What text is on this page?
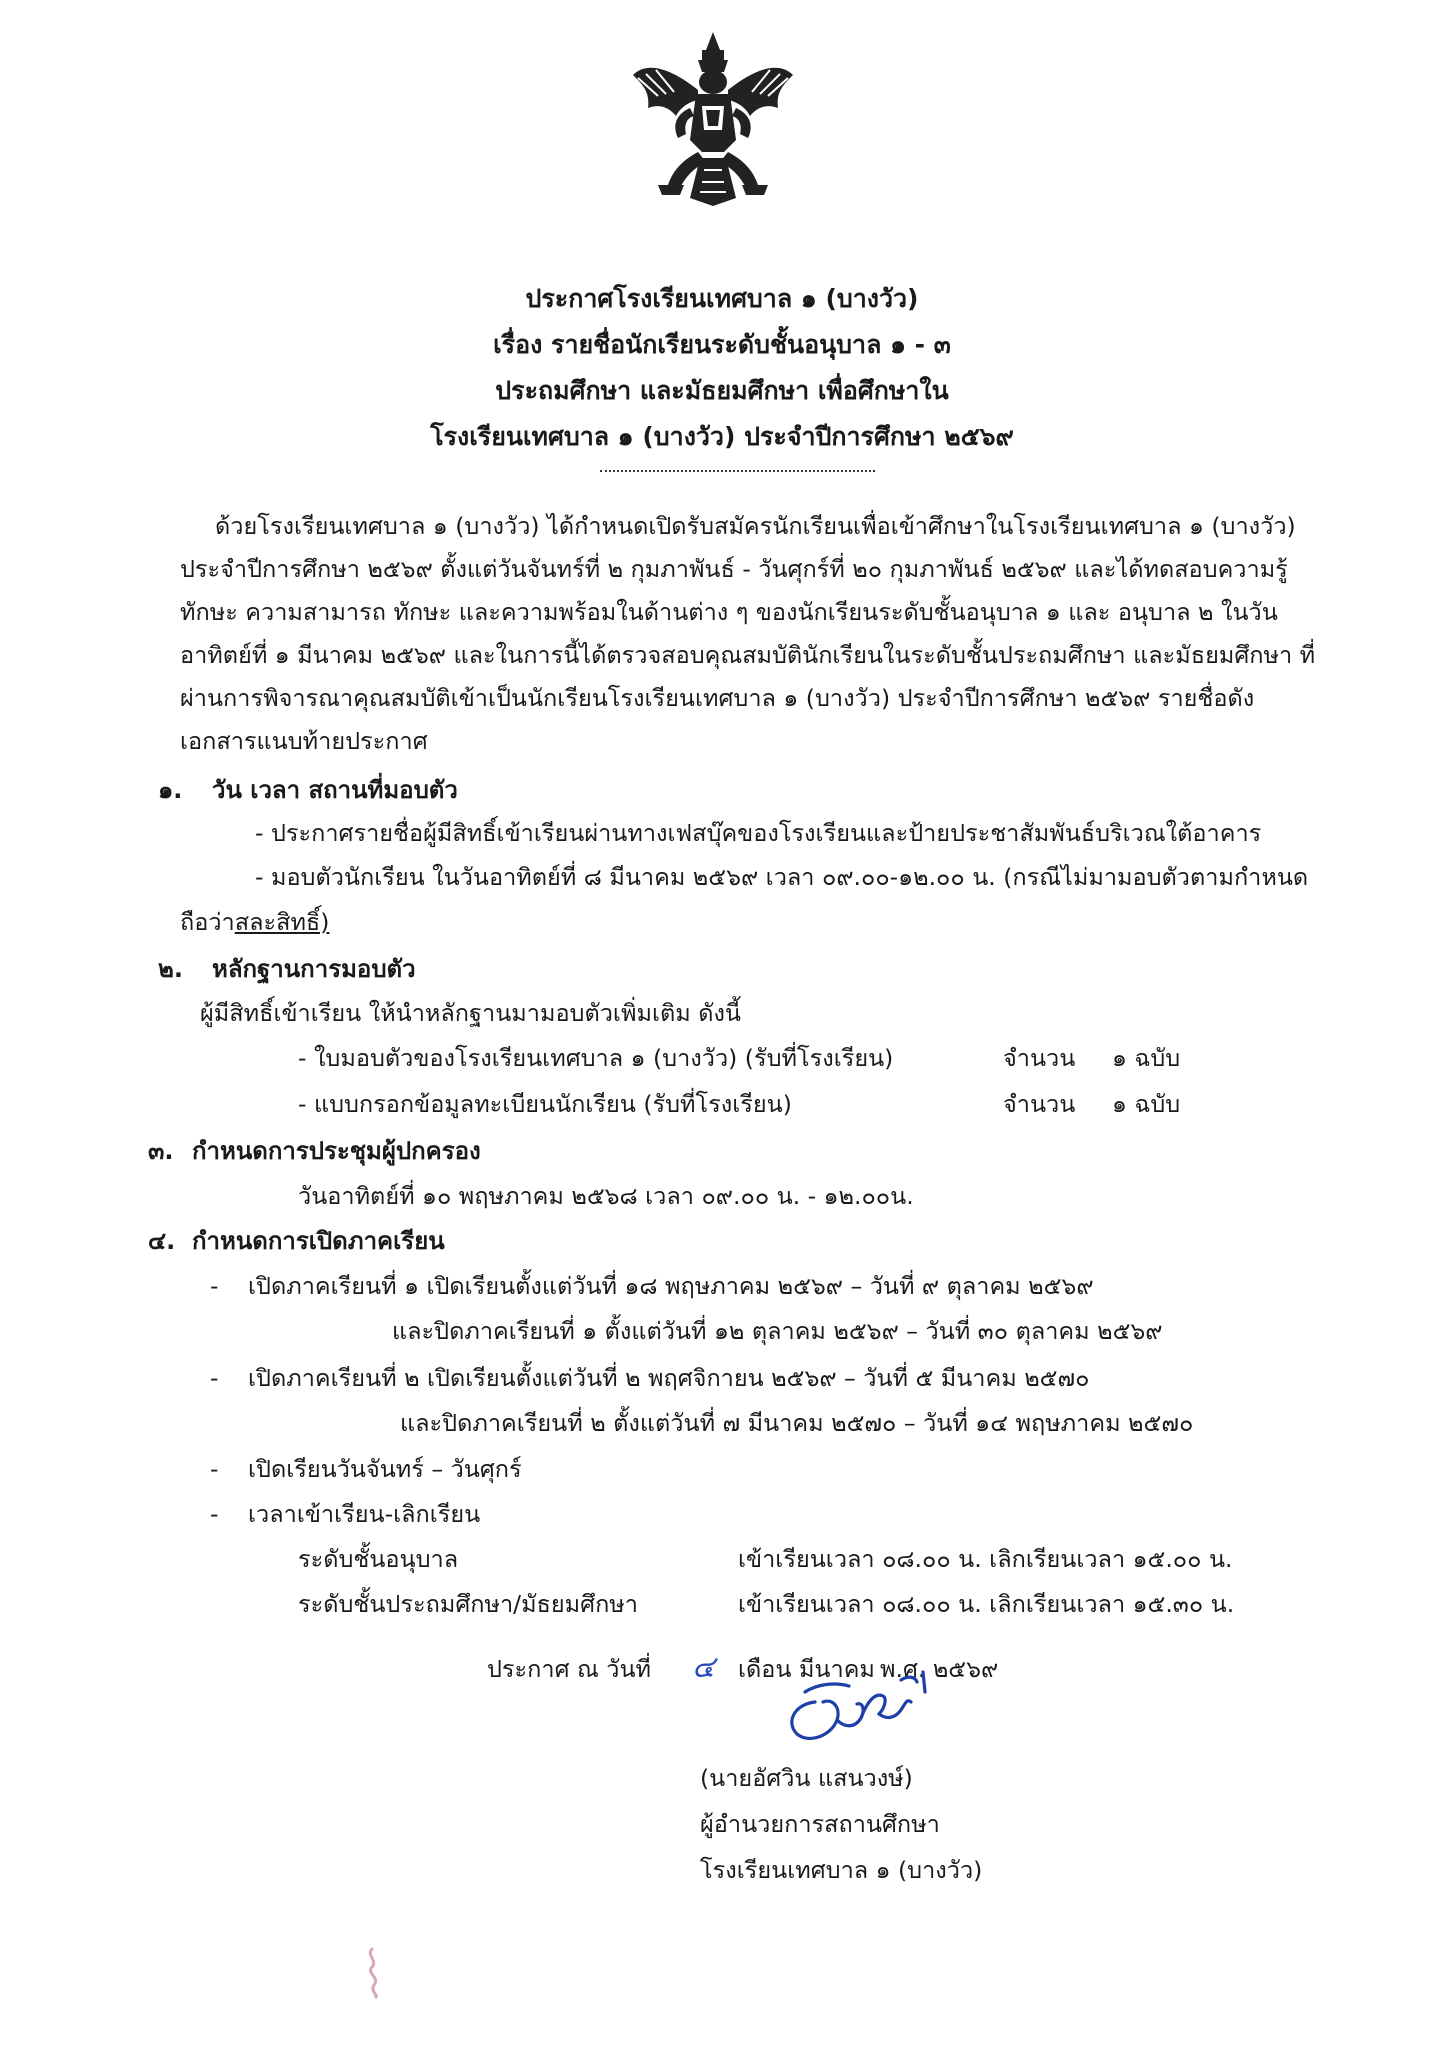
ประกาศโรงเรียนเทศบาล ๑ (บางวัว)
เรื่อง รายชื่อนักเรียนระดับชั้นอนุบาล ๑ - ๓
ประถมศึกษา และมัธยมศึกษา เพื่อศึกษาใน
โรงเรียนเทศบาล ๑ (บางวัว) ประจำปีการศึกษา ๒๕๖๙
ด้วยโรงเรียนเทศบาล ๑ (บางวัว) ได้กำหนดเปิดรับสมัครนักเรียนเพื่อเข้าศึกษาในโรงเรียนเทศบาล ๑ (บางวัว)
ประจำปีการศึกษา ๒๕๖๙ ตั้งแต่วันจันทร์ที่ ๒ กุมภาพันธ์ - วันศุกร์ที่ ๒๐ กุมภาพันธ์ ๒๕๖๙ และได้ทดสอบความรู้
ทักษะ ความสามารถ ทักษะ และความพร้อมในด้านต่าง ๆ ของนักเรียนระดับชั้นอนุบาล ๑ และ อนุบาล ๒ ในวัน
อาทิตย์ที่ ๑ มีนาคม ๒๕๖๙ และในการนี้ได้ตรวจสอบคุณสมบัตินักเรียนในระดับชั้นประถมศึกษา และมัธยมศึกษา ที่
ผ่านการพิจารณาคุณสมบัติเข้าเป็นนักเรียนโรงเรียนเทศบาล ๑ (บางวัว) ประจำปีการศึกษา ๒๕๖๙ รายชื่อดัง
เอกสารแนบท้ายประกาศ
๑. วัน เวลา สถานที่มอบตัว
- ประกาศรายชื่อผู้มีสิทธิ์เข้าเรียนผ่านทางเฟสบุ๊คของโรงเรียนและป้ายประชาสัมพันธ์บริเวณใต้อาคาร
- มอบตัวนักเรียน ในวันอาทิตย์ที่ ๘ มีนาคม ๒๕๖๙ เวลา ๐๙.๐๐-๑๒.๐๐ น. (กรณีไม่มามอบตัวตามกำหนด
ถือว่าสละสิทธิ์)
๒. หลักฐานการมอบตัว
ผู้มีสิทธิ์เข้าเรียน ให้นำหลักฐานมามอบตัวเพิ่มเติม ดังนี้
- ใบมอบตัวของโรงเรียนเทศบาล ๑ (บางวัว) (รับที่โรงเรียน)	จำนวน ๑ ฉบับ
- แบบกรอกข้อมูลทะเบียนนักเรียน (รับที่โรงเรียน)	จำนวน ๑ ฉบับ
๓. กำหนดการประชุมผู้ปกครอง
วันอาทิตย์ที่ ๑๐ พฤษภาคม ๒๕๖๘ เวลา ๐๙.๐๐ น. - ๑๒.๐๐น.
๔. กำหนดการเปิดภาคเรียน
- เปิดภาคเรียนที่ ๑ เปิดเรียนตั้งแต่วันที่ ๑๘ พฤษภาคม ๒๕๖๙ – วันที่ ๙ ตุลาคม ๒๕๖๙
และปิดภาคเรียนที่ ๑ ตั้งแต่วันที่ ๑๒ ตุลาคม ๒๕๖๙ – วันที่ ๓๐ ตุลาคม ๒๕๖๙
- เปิดภาคเรียนที่ ๒ เปิดเรียนตั้งแต่วันที่ ๒ พฤศจิกายน ๒๕๖๙ – วันที่ ๕ มีนาคม ๒๕๗๐
และปิดภาคเรียนที่ ๒ ตั้งแต่วันที่ ๗ มีนาคม ๒๕๗๐ – วันที่ ๑๔ พฤษภาคม ๒๕๗๐
- เปิดเรียนวันจันทร์ – วันศุกร์
- เวลาเข้าเรียน-เลิกเรียน
ระดับชั้นอนุบาล	เข้าเรียนเวลา ๐๘.๐๐ น. เลิกเรียนเวลา ๑๕.๐๐ น.
ระดับชั้นประถมศึกษา/มัธยมศึกษา	เข้าเรียนเวลา ๐๘.๐๐ น. เลิกเรียนเวลา ๑๕.๓๐ น.
ประกาศ ณ วันที่ ๔ เดือน มีนาคม พ.ศ. ๒๕๖๙
(นายอัศวิน แสนวงษ์)
ผู้อำนวยการสถานศึกษา
โรงเรียนเทศบาล ๑ (บางวัว)
